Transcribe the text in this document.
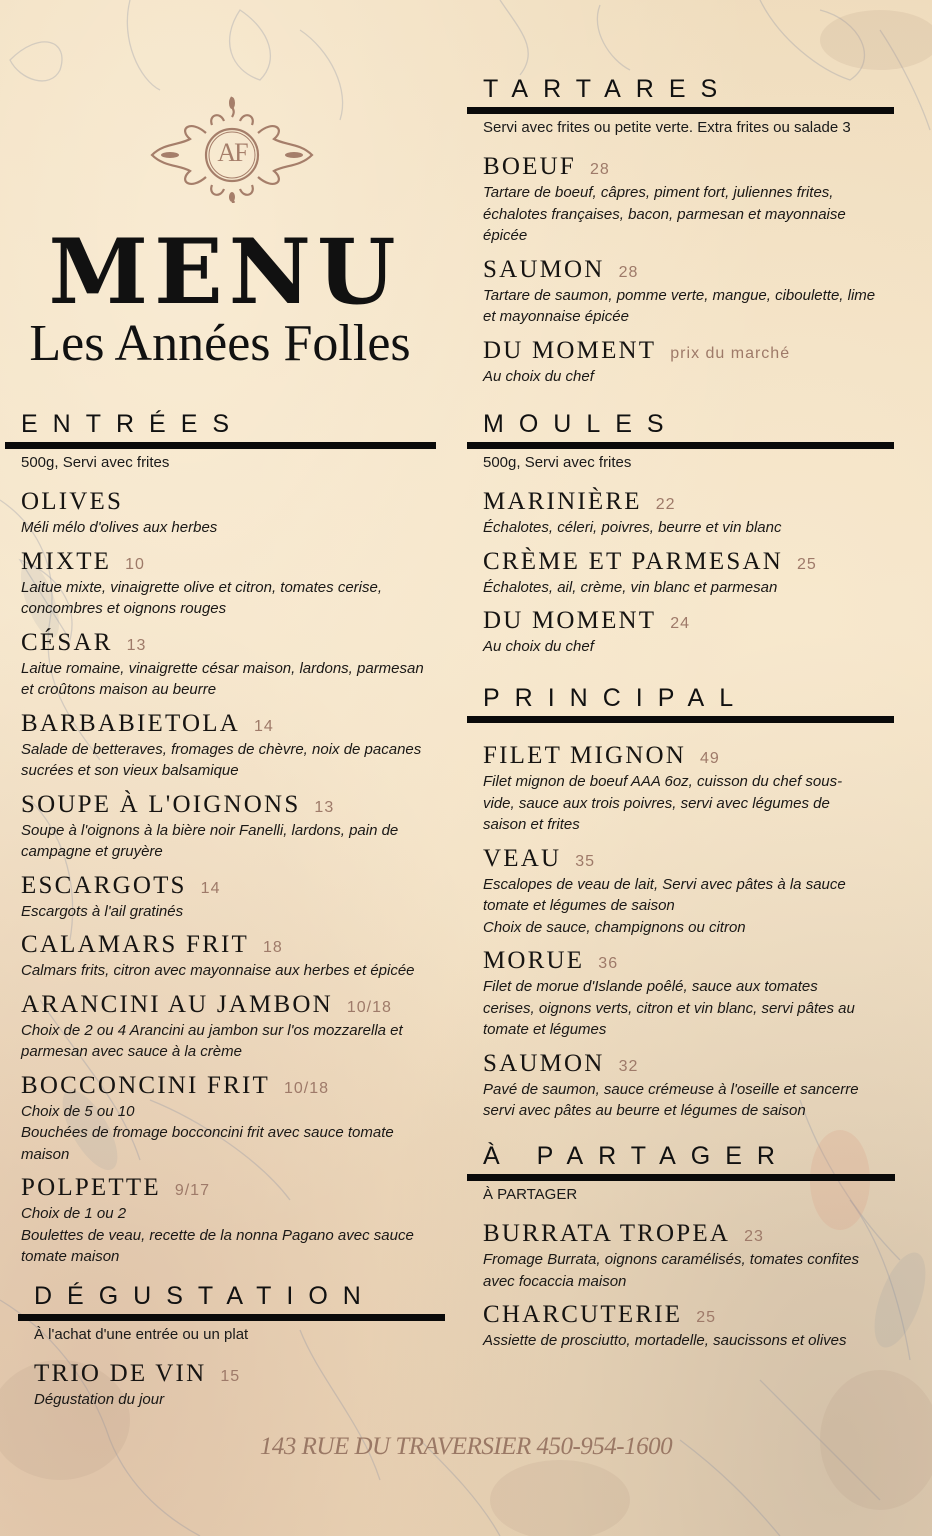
AF
MENU
Les Années Folles
ENTRÉES
500g, Servi avec frites
OLIVES
Méli mélo d'olives aux herbes
MIXTE 10
Laitue mixte, vinaigrette olive et citron, tomates cerise, concombres et oignons rouges
CÉSAR 13
Laitue romaine, vinaigrette césar maison, lardons, parmesan et croûtons maison au beurre
BARBABIETOLA 14
Salade de betteraves, fromages de chèvre, noix de pacanes sucrées et son vieux balsamique
SOUPE À L'OIGNONS 13
Soupe à l'oignons à la bière noir Fanelli, lardons, pain de campagne et gruyère
ESCARGOTS 14
Escargots à l'ail gratinés
CALAMARS FRIT 18
Calmars frits, citron avec mayonnaise aux herbes et épicée
ARANCINI AU JAMBON 10/18
Choix de 2 ou 4 Arancini au jambon sur l'os mozzarella et parmesan avec sauce à la crème
BOCCONCINI FRIT 10/18
Choix de 5 ou 10
Bouchées de fromage bocconcini frit avec sauce tomate maison
POLPETTE 9/17
Choix de 1 ou 2
Boulettes de veau, recette de la nonna Pagano avec sauce tomate maison
DÉGUSTATION
À l'achat d'une entrée ou un plat
TRIO DE VIN 15
Dégustation du jour
TARTARES
Servi avec frites ou petite verte. Extra frites ou salade 3
BOEUF 28
Tartare de boeuf, câpres, piment fort, juliennes frites, échalotes françaises, bacon, parmesan et mayonnaise épicée
SAUMON 28
Tartare de saumon, pomme verte, mangue, ciboulette, lime et mayonnaise épicée
DU MOMENT prix du marché
Au choix du chef
MOULES
500g, Servi avec frites
MARINIÈRE 22
Échalotes, céleri, poivres, beurre et vin blanc
CRÈME ET PARMESAN 25
Échalotes, ail, crème, vin blanc et parmesan
DU MOMENT 24
Au choix du chef
PRINCIPAL
FILET MIGNON 49
Filet mignon de boeuf AAA 6oz, cuisson du chef sous-vide, sauce aux trois poivres, servi avec légumes de saison et frites
VEAU 35
Escalopes de veau de lait, Servi avec pâtes à la sauce tomate et légumes de saison
Choix de sauce, champignons ou citron
MORUE 36
Filet de morue d'Islande poêlé, sauce aux tomates cerises, oignons verts, citron et vin blanc, servi pâtes au tomate et légumes
SAUMON 32
Pavé de saumon, sauce crémeuse à l'oseille et sancerre servi avec pâtes au beurre et légumes de saison
À PARTAGER
À PARTAGER
BURRATA TROPEA 23
Fromage Burrata, oignons caramélisés, tomates confites avec focaccia maison
CHARCUTERIE 25
Assiette de prosciutto, mortadelle, saucissons et olives
143 RUE DU TRAVERSIER 450-954-1600
